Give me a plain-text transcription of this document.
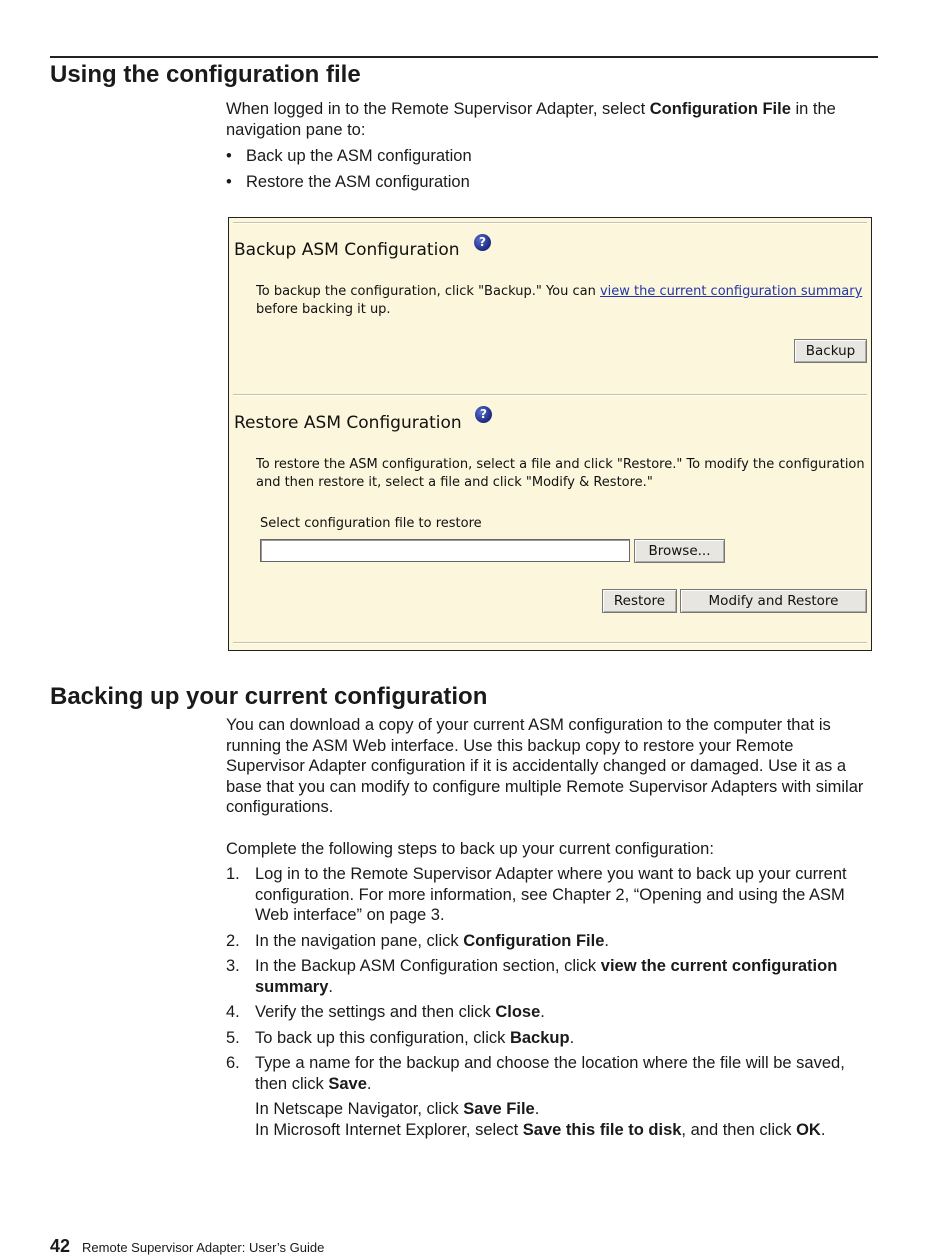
Using the configuration file

When logged in to the Remote Supervisor Adapter, select Configuration File in the navigation pane to:

• Back up the ASM configuration
• Restore the ASM configuration
Backup ASM Configuration	?
To backup the configuration, click "Backup." You can view the current configuration summary before backing it up.
Backup
Restore ASM Configuration	?
To restore the ASM configuration, select a file and click "Restore." To modify the configuration and then restore it, select a file and click "Modify & Restore."
Select configuration file to restore
Browse...
Restore	Modify and Restore
Backing up your current configuration

You can download a copy of your current ASM configuration to the computer that is running the ASM Web interface. Use this backup copy to restore your Remote Supervisor Adapter configuration if it is accidentally changed or damaged. Use it as a base that you can modify to configure multiple Remote Supervisor Adapters with similar configurations.

Complete the following steps to back up your current configuration:

1. Log in to the Remote Supervisor Adapter where you want to back up your current configuration. For more information, see Chapter 2, “Opening and using the ASM Web interface” on page 3.
2. In the navigation pane, click Configuration File.
3. In the Backup ASM Configuration section, click view the current configuration summary.
4. Verify the settings and then click Close.
5. To back up this configuration, click Backup.
6. Type a name for the backup and choose the location where the file will be saved, then click Save.

In Netscape Navigator, click Save File.

In Microsoft Internet Explorer, select Save this file to disk, and then click OK.

42 Remote Supervisor Adapter: User’s Guide
